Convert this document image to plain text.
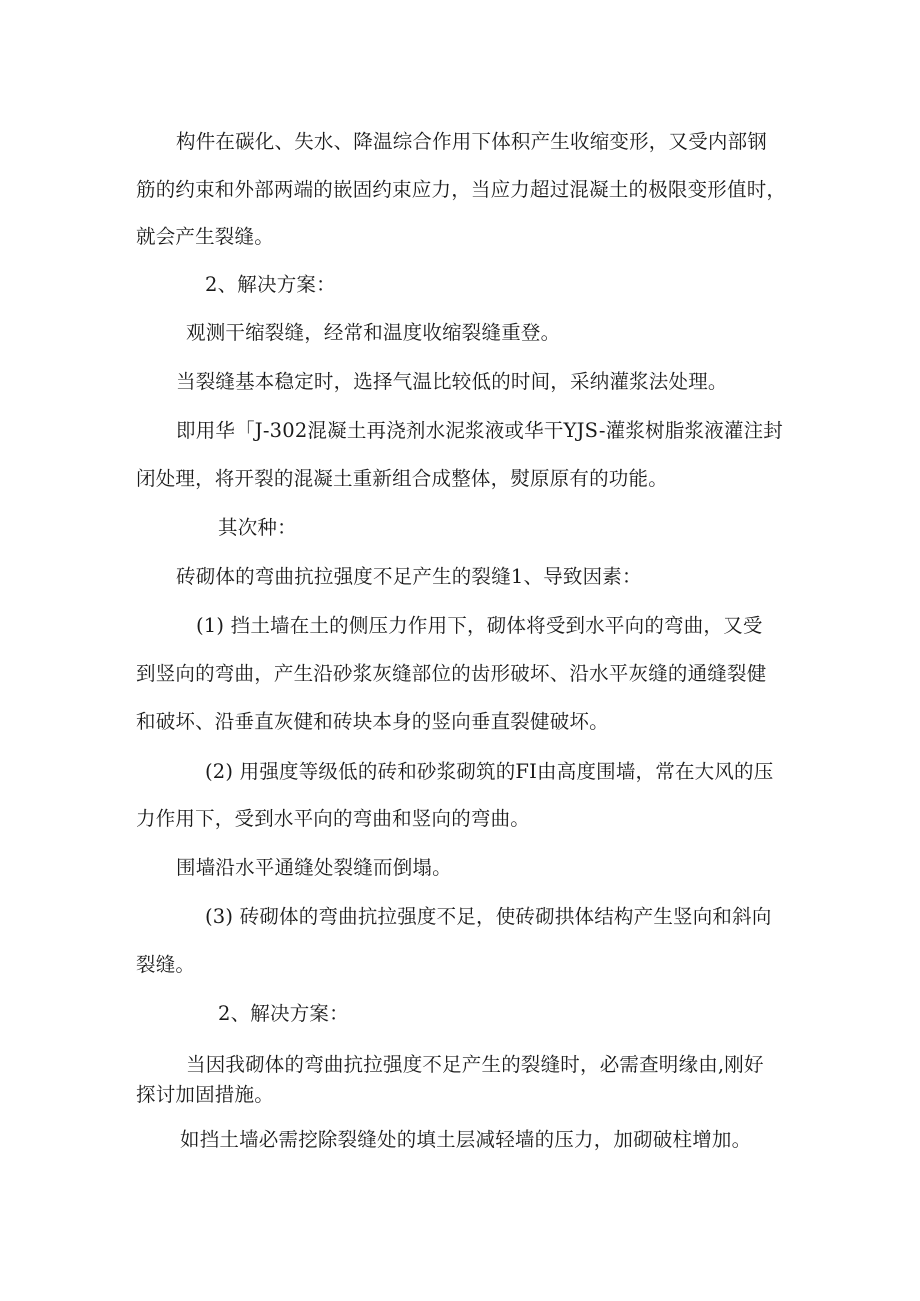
构件在碳化、失水、降温综合作用下体积产生收缩变形，又受内部钢
筋的约束和外部两端的嵌固约束应力，当应力超过混凝土的极限变形值时，
就会产生裂缝。
2、解决方案：
观测干缩裂缝，经常和温度收缩裂缝重登。
当裂缝基本稳定时，选择气温比较低的时间，采纳灌浆法处理。
即用华「J-302混凝土再浇剂水泥浆液或华干YJS-灌浆树脂浆液灌注封
闭处理，将开裂的混凝土重新组合成整体，熨原原有的功能。
其次种：
砖砌体的弯曲抗拉强度不足产生的裂缝1、导致因素：
(1) 挡土墙在土的侧压力作用下，砌体将受到水平向的弯曲，又受
到竖向的弯曲，产生沿砂浆灰缝部位的齿形破坏、沿水平灰缝的通缝裂健
和破坏、沿垂直灰健和砖块本身的竖向垂直裂健破坏。
(2) 用强度等级低的砖和砂浆砌筑的FI由高度围墙，常在大风的压
力作用下，受到水平向的弯曲和竖向的弯曲。
围墙沿水平通缝处裂缝而倒塌。
(3) 砖砌体的弯曲抗拉强度不足，使砖砌拱体结构产生竖向和斜向
裂缝。
2、解决方案：
当因我砌体的弯曲抗拉强度不足产生的裂缝时，必需查明缘由,刚好
探讨加固措施。
如挡土墙必需挖除裂缝处的填土层减轻墙的压力，加砌破柱增加。
